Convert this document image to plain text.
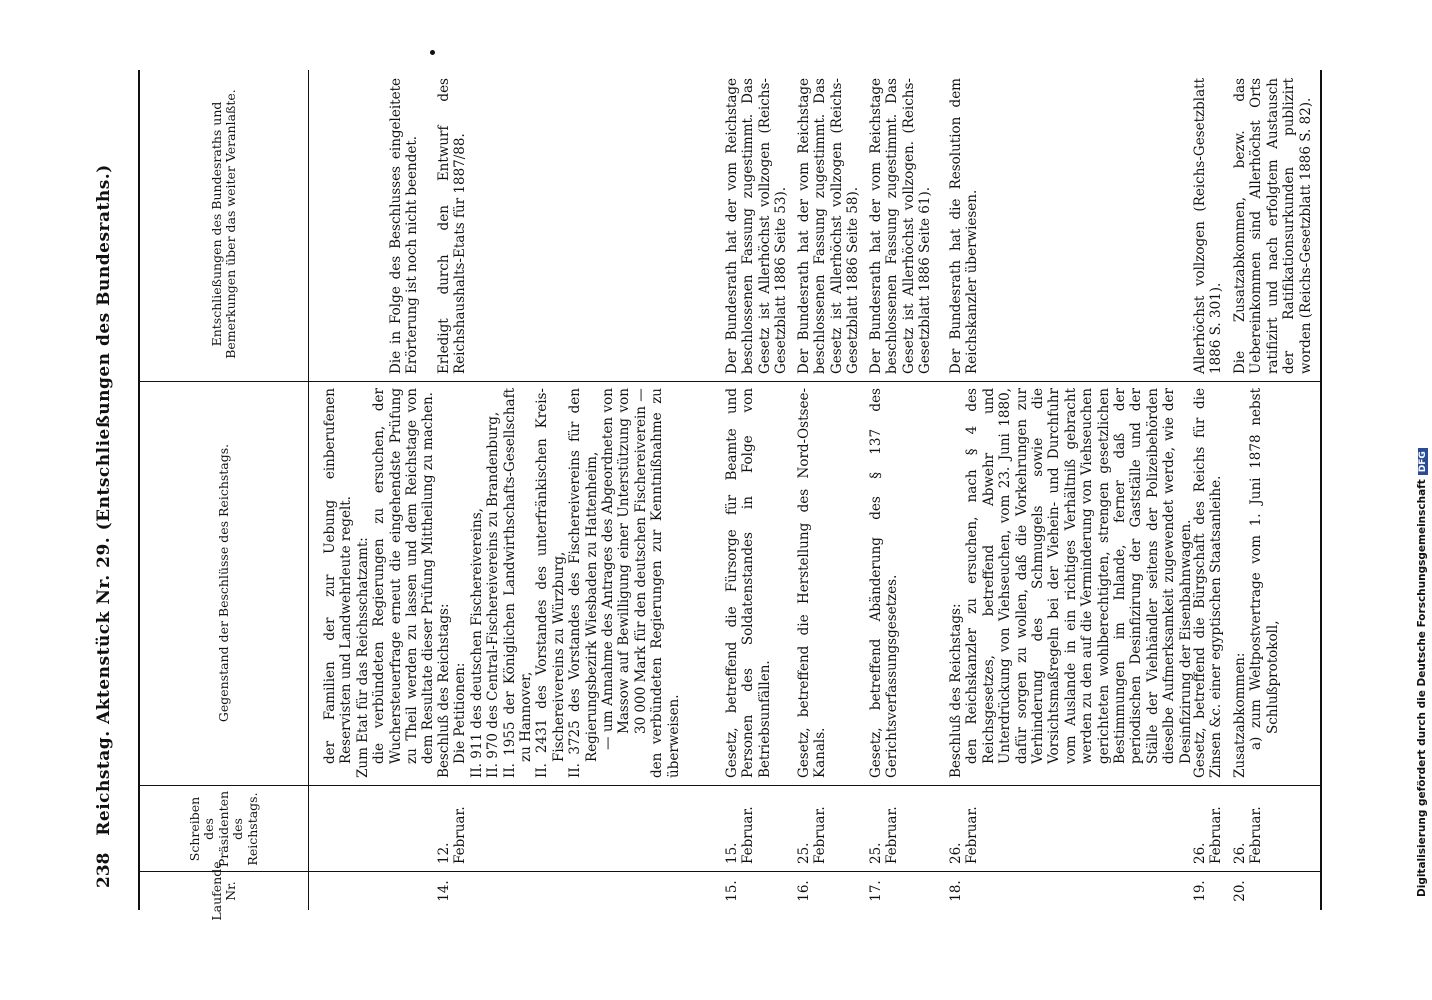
238
Reichstag. Aktenstück Nr. 29. (Entschließungen des Bundesraths.)
Laufende Nr.
Schreiben des Präsidenten des Reichstags.
Gegenstand der Beschlüsse des Reichstags.
Entschließungen des Bundesraths und Bemerkungen über das weiter Veranlaßte.

der Familien der zur Uebung einberufenen Reservisten und Landwehrleute regelt. Zum Etat für das Reichsschatzamt: die verbündeten Regierungen zu ersuchen, der Wuchersteuerfrage erneut die eingehendste Prüfung zu Theil werden zu lassen und dem Reichstage von dem Resultate dieser Prüfung Mittheilung zu machen.

Die in Folge des Beschlusses eingeleitete Erörterung ist noch nicht beendet.
14.
12. Februar.

Beschluß des Reichstags: Die Petitionen: II. 911 des deutschen Fischereivereins, II. 970 des Central-Fischereivereins zu Brandenburg, II. 1955 der Königlichen Landwirthschafts-Gesellschaft zu Hannover, II. 2431 des Vorstandes des unterfränkischen Kreis-Fischereivereins zu Würzburg, II. 3725 des Vorstandes des Fischereivereins für den Regierungsbezirk Wiesbaden zu Hattenheim, — um Annahme des Antrages des Abgeordneten von Massow auf Bewilligung einer Unterstützung von 30 000 Mark für den deutschen Fischereiverein — den verbündeten Regierungen zur Kenntnißnahme zu überweisen.

Erledigt durch den Entwurf des Reichshaushalts-Etats für 1887/88.
15.
15. Februar.
Gesetz, betreffend die Fürsorge für Beamte und Personen des Soldatenstandes in Folge von Betriebsunfällen.
Der Bundesrath hat der vom Reichstage beschlossenen Fassung zugestimmt. Das Gesetz ist Allerhöchst vollzogen (Reichs-Gesetzblatt 1886 Seite 53).
16.
25. Februar.
Gesetz, betreffend die Herstellung des Nord-Ostsee-Kanals.
Der Bundesrath hat der vom Reichstage beschlossenen Fassung zugestimmt. Das Gesetz ist Allerhöchst vollzogen (Reichs-Gesetzblatt 1886 Seite 58).
17.
25. Februar.
Gesetz, betreffend Abänderung des § 137 des Gerichtsverfassungsgesetzes.
Der Bundesrath hat der vom Reichstage beschlossenen Fassung zugestimmt. Das Gesetz ist Allerhöchst vollzogen. (Reichs-Gesetzblatt 1886 Seite 61).
18.
26. Februar.

Beschluß des Reichstags: den Reichskanzler zu ersuchen, nach § 4 des Reichsgesetzes, betreffend Abwehr und Unterdrückung von Viehseuchen, vom 23. Juni 1880, dafür sorgen zu wollen, daß die Vorkehrungen zur Verhinderung des Schmuggels sowie die Vorsichtsmaßregeln bei der Viehein- und Durchfuhr vom Auslande in ein richtiges Verhältniß gebracht werden zu den auf die Verminderung von Viehseuchen gerichteten wohlberechtigten, strengen gesetzlichen Bestimmungen im Inlande, ferner daß der periodischen Desinfizirung der Gastställe und der Ställe der Viehhändler seitens der Polizeibehörden dieselbe Aufmerksamkeit zugewendet werde, wie der Desinfizirung der Eisenbahnwagen.

Der Bundesrath hat die Resolution dem Reichskanzler überwiesen.
19.
26. Februar.
Gesetz, betreffend die Bürgschaft des Reichs für die Zinsen &c. einer egyptischen Staatsanleihe.
Allerhöchst vollzogen (Reichs-Gesetzblatt 1886 S. 301).
20.
26. Februar.

Zusatzabkommen: a) zum Weltpostvertrage vom 1. Juni 1878 nebst Schlußprotokoll,

Die Zusatzabkommen, bezw. das Uebereinkommen sind Allerhöchst Orts ratifizirt und nach erfolgtem Austausch der Ratifikationsurkunden publizirt worden (Reichs-Gesetzblatt 1886 S. 82).
Digitalisierung gefördert durch die Deutsche ForschungsgemeinschaftDFG
